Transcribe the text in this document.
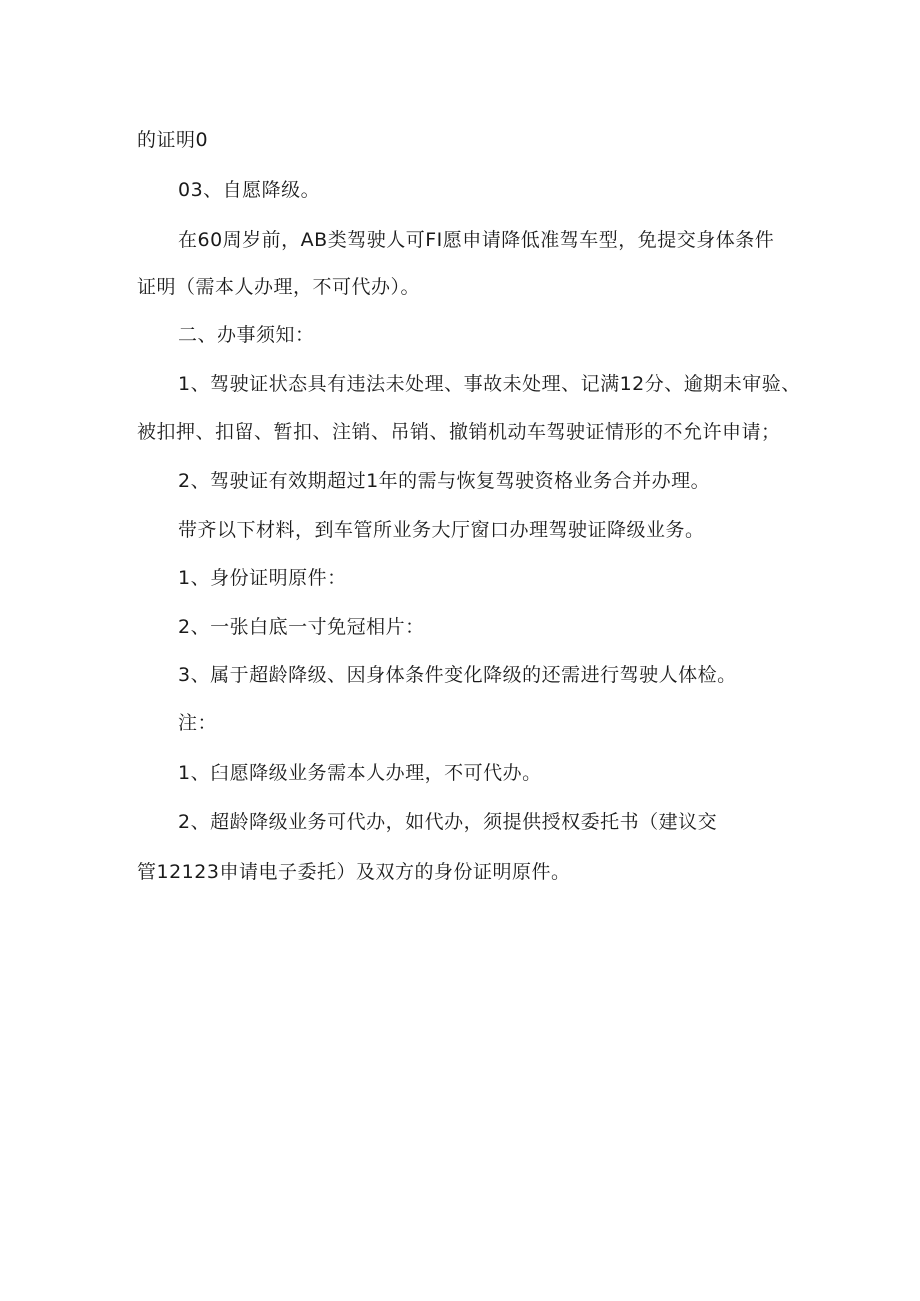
的证明0
03、自愿降级。
在60周岁前，AB类驾驶人可FI愿申请降低准驾车型，免提交身体条件
证明（需本人办理，不可代办）。
二、办事须知：
1、驾驶证状态具有违法未处理、事故未处理、记满12分、逾期未审验、
被扣押、扣留、暂扣、注销、吊销、撤销机动车驾驶证情形的不允许申请；
2、驾驶证有效期超过1年的需与恢复驾驶资格业务合并办理。
带齐以下材料，到车管所业务大厅窗口办理驾驶证降级业务。
1、身份证明原件：
2、一张白底一寸免冠相片：
3、属于超龄降级、因身体条件变化降级的还需进行驾驶人体检。
注：
1、臼愿降级业务需本人办理，不可代办。
2、超龄降级业务可代办，如代办，须提供授权委托书（建议交
管12123申请电子委托）及双方的身份证明原件。
